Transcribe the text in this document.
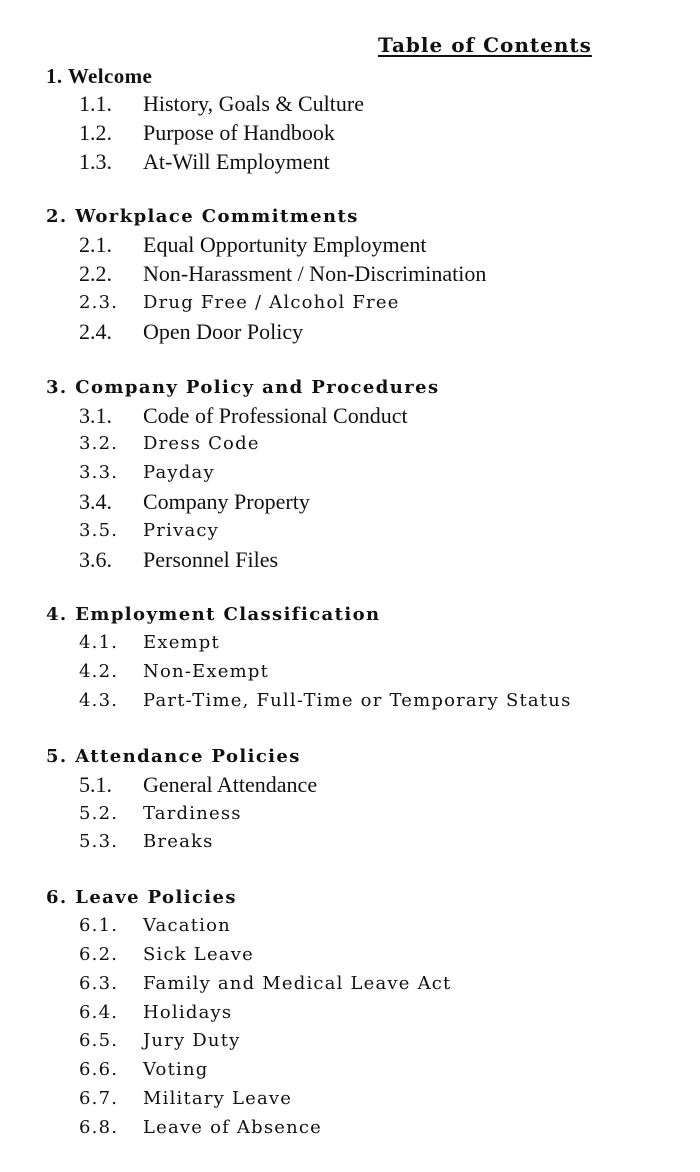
Table of Contents
1. Welcome
1.1. History, Goals & Culture
1.2. Purpose of Handbook
1.3. At-Will Employment
2. Workplace Commitments
2.1. Equal Opportunity Employment
2.2. Non-Harassment / Non-Discrimination
2.3. Drug Free / Alcohol Free
2.4. Open Door Policy
3. Company Policy and Procedures
3.1. Code of Professional Conduct
3.2. Dress Code
3.3. Payday
3.4. Company Property
3.5. Privacy
3.6. Personnel Files
4. Employment Classification
4.1. Exempt
4.2. Non-Exempt
4.3. Part-Time, Full-Time or Temporary Status
5. Attendance Policies
5.1. General Attendance
5.2. Tardiness
5.3. Breaks
6. Leave Policies
6.1. Vacation
6.2. Sick Leave
6.3. Family and Medical Leave Act
6.4. Holidays
6.5. Jury Duty
6.6. Voting
6.7. Military Leave
6.8. Leave of Absence
